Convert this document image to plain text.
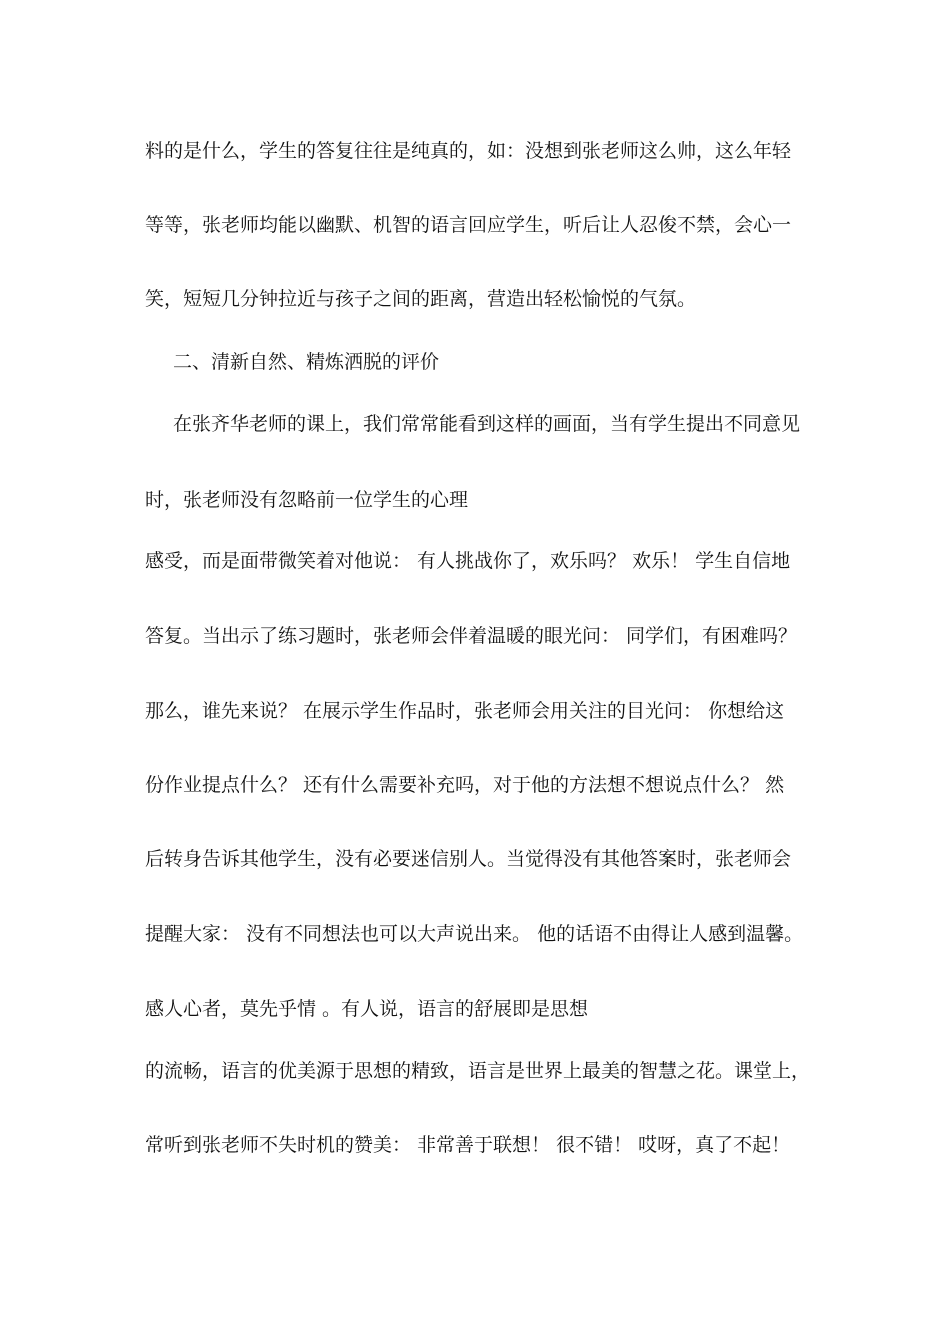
料的是什么，学生的答复往往是纯真的，如：没想到张老师这么帅，这么年轻
等等，张老师均能以幽默、机智的语言回应学生，听后让人忍俊不禁，会心一
笑，短短几分钟拉近与孩子之间的距离，营造出轻松愉悦的气氛。
二、清新自然、精炼洒脱的评价
在张齐华老师的课上，我们常常能看到这样的画面，当有学生提出不同意见
时，张老师没有忽略前一位学生的心理
感受，而是面带微笑着对他说： 有人挑战你了，欢乐吗？ 欢乐！ 学生自信地
答复。当出示了练习题时，张老师会伴着温暖的眼光问： 同学们，有困难吗？
那么，谁先来说？ 在展示学生作品时，张老师会用关注的目光问： 你想给这
份作业提点什么？ 还有什么需要补充吗，对于他的方法想不想说点什么？ 然
后转身告诉其他学生，没有必要迷信别人。当觉得没有其他答案时，张老师会
提醒大家： 没有不同想法也可以大声说出来。 他的话语不由得让人感到温馨。
感人心者，莫先乎情 。有人说，语言的舒展即是思想
的流畅，语言的优美源于思想的精致，语言是世界上最美的智慧之花。课堂上，
常听到张老师不失时机的赞美： 非常善于联想！ 很不错！ 哎呀，真了不起！
